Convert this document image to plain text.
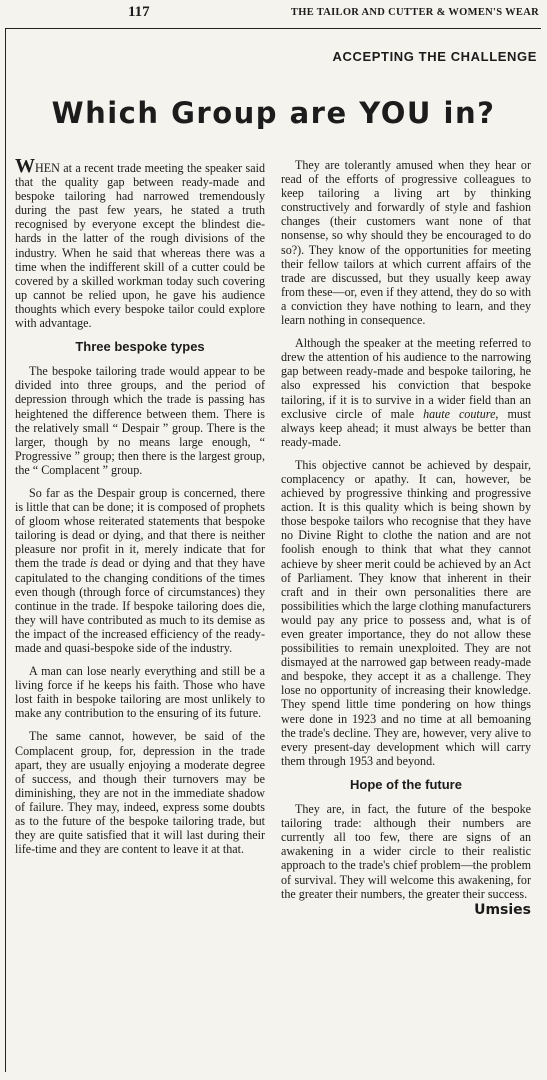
117	THE TAILOR AND CUTTER & WOMEN'S WEAR
ACCEPTING THE CHALLENGE
Which Group are YOU in?

WHEN at a recent trade meeting the speaker said that the quality gap between ready-made and bespoke tailoring had narrowed tremendously during the past few years, he stated a truth recognised by everyone except the blindest die-hards in the latter of the rough divisions of the industry. When he said that whereas there was a time when the indifferent skill of a cutter could be covered by a skilled workman today such covering up cannot be relied upon, he gave his audience thoughts which every bespoke tailor could explore with advantage.

Three bespoke types

The bespoke tailoring trade would appear to be divided into three groups, and the period of depression through which the trade is passing has heightened the difference between them. There is the relatively small “ Despair ” group. There is the larger, though by no means large enough, “ Progressive ” group; then there is the largest group, the “ Complacent ” group.

So far as the Despair group is concerned, there is little that can be done; it is composed of prophets of gloom whose reiterated statements that bespoke tailoring is dead or dying, and that there is neither pleasure nor profit in it, merely indicate that for them the trade is dead or dying and that they have capitulated to the changing conditions of the times even though (through force of circumstances) they continue in the trade. If bespoke tailoring does die, they will have contributed as much to its demise as the impact of the increased efficiency of the ready-made and quasi-bespoke side of the industry.

A man can lose nearly everything and still be a living force if he keeps his faith. Those who have lost faith in bespoke tailoring are most unlikely to make any contribution to the ensuring of its future.

The same cannot, however, be said of the Complacent group, for, depression in the trade apart, they are usually enjoying a moderate degree of success, and though their turnovers may be diminishing, they are not in the immediate shadow of failure. They may, indeed, express some doubts as to the future of the bespoke tailoring trade, but they are quite satisfied that it will last during their life-time and they are content to leave it at that.

They are tolerantly amused when they hear or read of the efforts of progressive colleagues to keep tailoring a living art by thinking constructively and forwardly of style and fashion changes (their customers want none of that nonsense, so why should they be encouraged to do so?). They know of the opportunities for meeting their fellow tailors at which current affairs of the trade are discussed, but they usually keep away from these—or, even if they attend, they do so with a conviction they have nothing to learn, and they learn nothing in consequence.

Although the speaker at the meeting referred to drew the attention of his audience to the narrowing gap between ready-made and bespoke tailoring, he also expressed his conviction that bespoke tailoring, if it is to survive in a wider field than an exclusive circle of male haute couture, must always keep ahead; it must always be better than ready-made.

This objective cannot be achieved by despair, complacency or apathy. It can, however, be achieved by progressive thinking and progressive action. It is this quality which is being shown by those bespoke tailors who recognise that they have no Divine Right to clothe the nation and are not foolish enough to think that what they cannot achieve by sheer merit could be achieved by an Act of Parliament. They know that inherent in their craft and in their own personalities there are possibilities which the large clothing manufacturers would pay any price to possess and, what is of even greater importance, they do not allow these possibilities to remain unexploited. They are not dismayed at the narrowed gap between ready-made and bespoke, they accept it as a challenge. They lose no opportunity of increasing their knowledge. They spend little time pondering on how things were done in 1923 and no time at all bemoaning the trade's decline. They are, however, very alive to every present-day development which will carry them through 1953 and beyond.

Hope of the future

They are, in fact, the future of the bespoke tailoring trade: although their numbers are currently all too few, there are signs of an awakening in a wider circle to their realistic approach to the trade's chief problem—the problem of survival. They will welcome this awakening, for the greater their numbers, the greater their success.

Umsies
